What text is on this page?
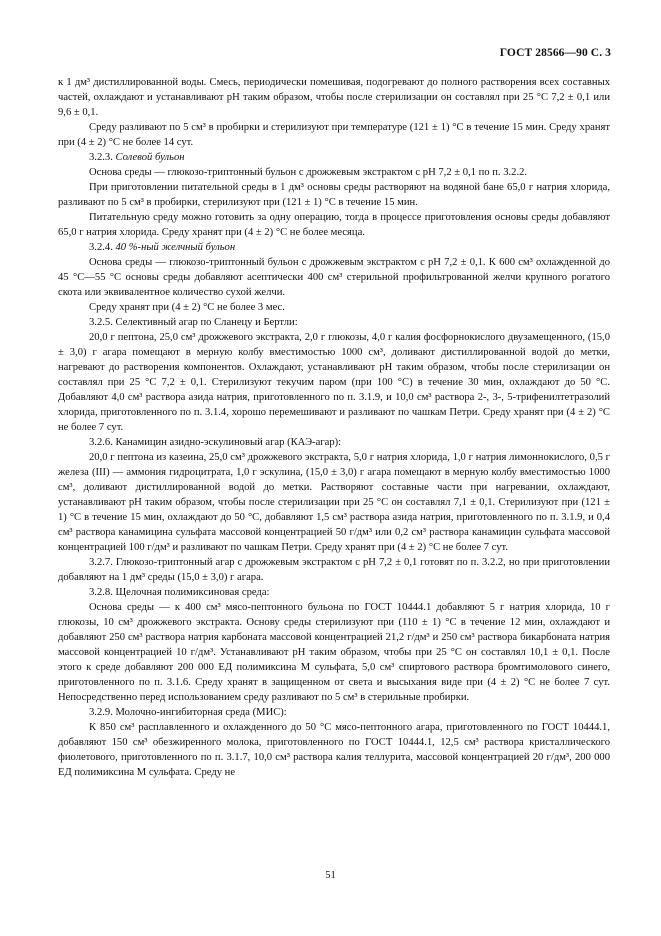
ГОСТ 28566—90 С. 3

к 1 дм³ дистиллированной воды. Смесь, периодически помешивая, подогревают до полного растворения всех составных частей, охлаждают и устанавливают pH таким образом, чтобы после стерилизации он составлял при 25 °С 7,2 ± 0,1 или 9,6 ± 0,1.

Среду разливают по 5 см³ в пробирки и стерилизуют при температуре (121 ± 1) °С в течение 15 мин. Среду хранят при (4 ± 2) °С не более 14 сут.

3.2.3. Солевой бульон

Основа среды — глюкозо-триптонный бульон с дрожжевым экстрактом с pH 7,2 ± 0,1 по п. 3.2.2.

При приготовлении питательной среды в 1 дм³ основы среды растворяют на водяной бане 65,0 г натрия хлорида, разливают по 5 см³ в пробирки, стерилизуют при (121 ± 1) °С в течение 15 мин.

Питательную среду можно готовить за одну операцию, тогда в процессе приготовления основы среды добавляют 65,0 г натрия хлорида. Среду хранят при (4 ± 2) °С не более месяца.

3.2.4. 40 %-ный желчный бульон

Основа среды — глюкозо-триптонный бульон с дрожжевым экстрактом с pH 7,2 ± 0,1. К 600 см³ охлажденной до 45 °С—55 °С основы среды добавляют асептически 400 см³ стерильной профильтрованной желчи крупного рогатого скота или эквивалентное количество сухой желчи.

Среду хранят при (4 ± 2) °С не более 3 мес.

3.2.5. Селективный агар по Сланецу и Бертли:

20,0 г пептона, 25,0 см³ дрожжевого экстракта, 2,0 г глюкозы, 4,0 г калия фосфорнокислого двузамещенного, (15,0 ± 3,0) г агара помещают в мерную колбу вместимостью 1000 см³, доливают дистиллированной водой до метки, нагревают до растворения компонентов. Охлаждают, устанавливают pH таким образом, чтобы после стерилизации он составлял при 25 °С 7,2 ± 0,1. Стерилизуют текучим паром (при 100 °С) в течение 30 мин, охлаждают до 50 °С. Добавляют 4,0 см³ раствора азида натрия, приготовленного по п. 3.1.9, и 10,0 см³ раствора 2-, 3-, 5-трифенилтетразолий хлорида, приготовленного по п. 3.1.4, хорошо перемешивают и разливают по чашкам Петри. Среду хранят при (4 ± 2) °С не более 7 сут.

3.2.6. Канамицин азидно-эскулиновый агар (КАЭ-агар):

20,0 г пептона из казеина, 25,0 см³ дрожжевого экстракта, 5,0 г натрия хлорида, 1,0 г натрия лимоннокислого, 0,5 г железа (III) — аммония гидроцитрата, 1,0 г эскулина, (15,0 ± 3,0) г агара помещают в мерную колбу вместимостью 1000 см³, доливают дистиллированной водой до метки. Растворяют составные части при нагревании, охлаждают, устанавливают pH таким образом, чтобы после стерилизации при 25 °С он составлял 7,1 ± 0,1. Стерилизуют при (121 ± 1) °С в течение 15 мин, охлаждают до 50 °С, добавляют 1,5 см³ раствора азида натрия, приготовленного по п. 3.1.9, и 0,4 см³ раствора канамицина сульфата массовой концентрацией 50 г/дм³ или 0,2 см³ раствора канамицин сульфата массовой концентрацией 100 г/дм³ и разливают по чашкам Петри. Среду хранят при (4 ± 2) °С не более 7 сут.

3.2.7. Глюкозо-триптонный агар с дрожжевым экстрактом с pH 7,2 ± 0,1 готовят по п. 3.2.2, но при приготовлении добавляют на 1 дм³ среды (15,0 ± 3,0) г агара.

3.2.8. Щелочная полимиксиновая среда:

Основа среды — к 400 см³ мясо-пептонного бульона по ГОСТ 10444.1 добавляют 5 г натрия хлорида, 10 г глюкозы, 10 см³ дрожжевого экстракта. Основу среды стерилизуют при (110 ± 1) °С в течение 12 мин, охлаждают и добавляют 250 см³ раствора натрия карбоната массовой концентрацией 21,2 г/дм³ и 250 см³ раствора бикарбоната натрия массовой концентрацией 10 г/дм³. Устанавливают pH таким образом, чтобы при 25 °С он составлял 10,1 ± 0,1. После этого к среде добавляют 200 000 ЕД полимиксина М сульфата, 5,0 см³ спиртового раствора бромтимолового синего, приготовленного по п. 3.1.6. Среду хранят в защищенном от света и высыхания виде при (4 ± 2) °С не более 7 сут. Непосредственно перед использованием среду разливают по 5 см³ в стерильные пробирки.

3.2.9. Молочно-ингибиторная среда (МИС):

К 850 см³ расплавленного и охлажденного до 50 °С мясо-пептонного агара, приготовленного по ГОСТ 10444.1, добавляют 150 см³ обезжиренного молока, приготовленного по ГОСТ 10444.1, 12,5 см³ раствора кристаллического фиолетового, приготовленного по п. 3.1.7, 10,0 см³ раствора калия теллурита, массовой концентрацией 20 г/дм³, 200 000 ЕД полимиксина М сульфата. Среду не

51
